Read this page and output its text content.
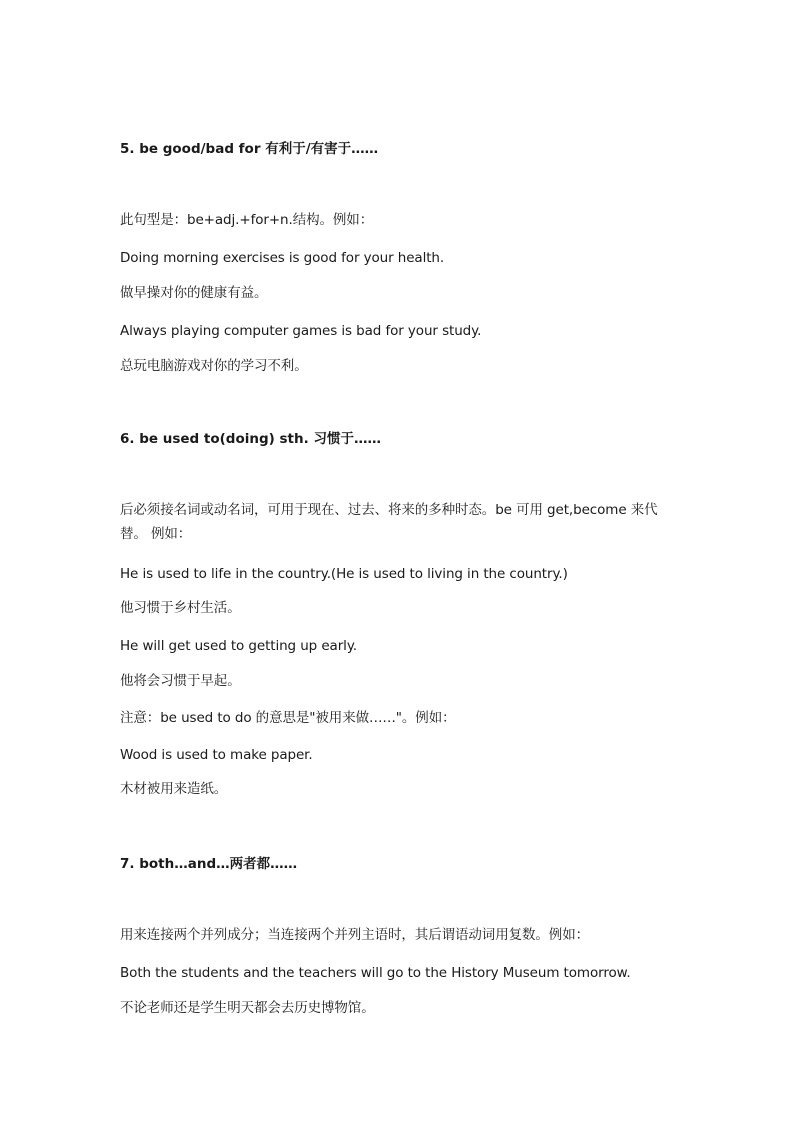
5. be good/bad for 有利于/有害于……
此句型是：be+adj.+for+n.结构。例如：
Doing morning exercises is good for your health.
做早操对你的健康有益。
Always playing computer games is bad for your study.
总玩电脑游戏对你的学习不利。
6. be used to(doing) sth. 习惯于……
后必须接名词或动名词，可用于现在、过去、将来的多种时态。be 可用 get,become 来代替。 例如：
He is used to life in the country.(He is used to living in the country.)
他习惯于乡村生活。
He will get used to getting up early.
他将会习惯于早起。
注意：be used to do 的意思是"被用来做……"。例如：
Wood is used to make paper.
木材被用来造纸。
7. both…and…两者都……
用来连接两个并列成分；当连接两个并列主语时，其后谓语动词用复数。例如：
Both the students and the teachers will go to the History Museum tomorrow.
不论老师还是学生明天都会去历史博物馆。
